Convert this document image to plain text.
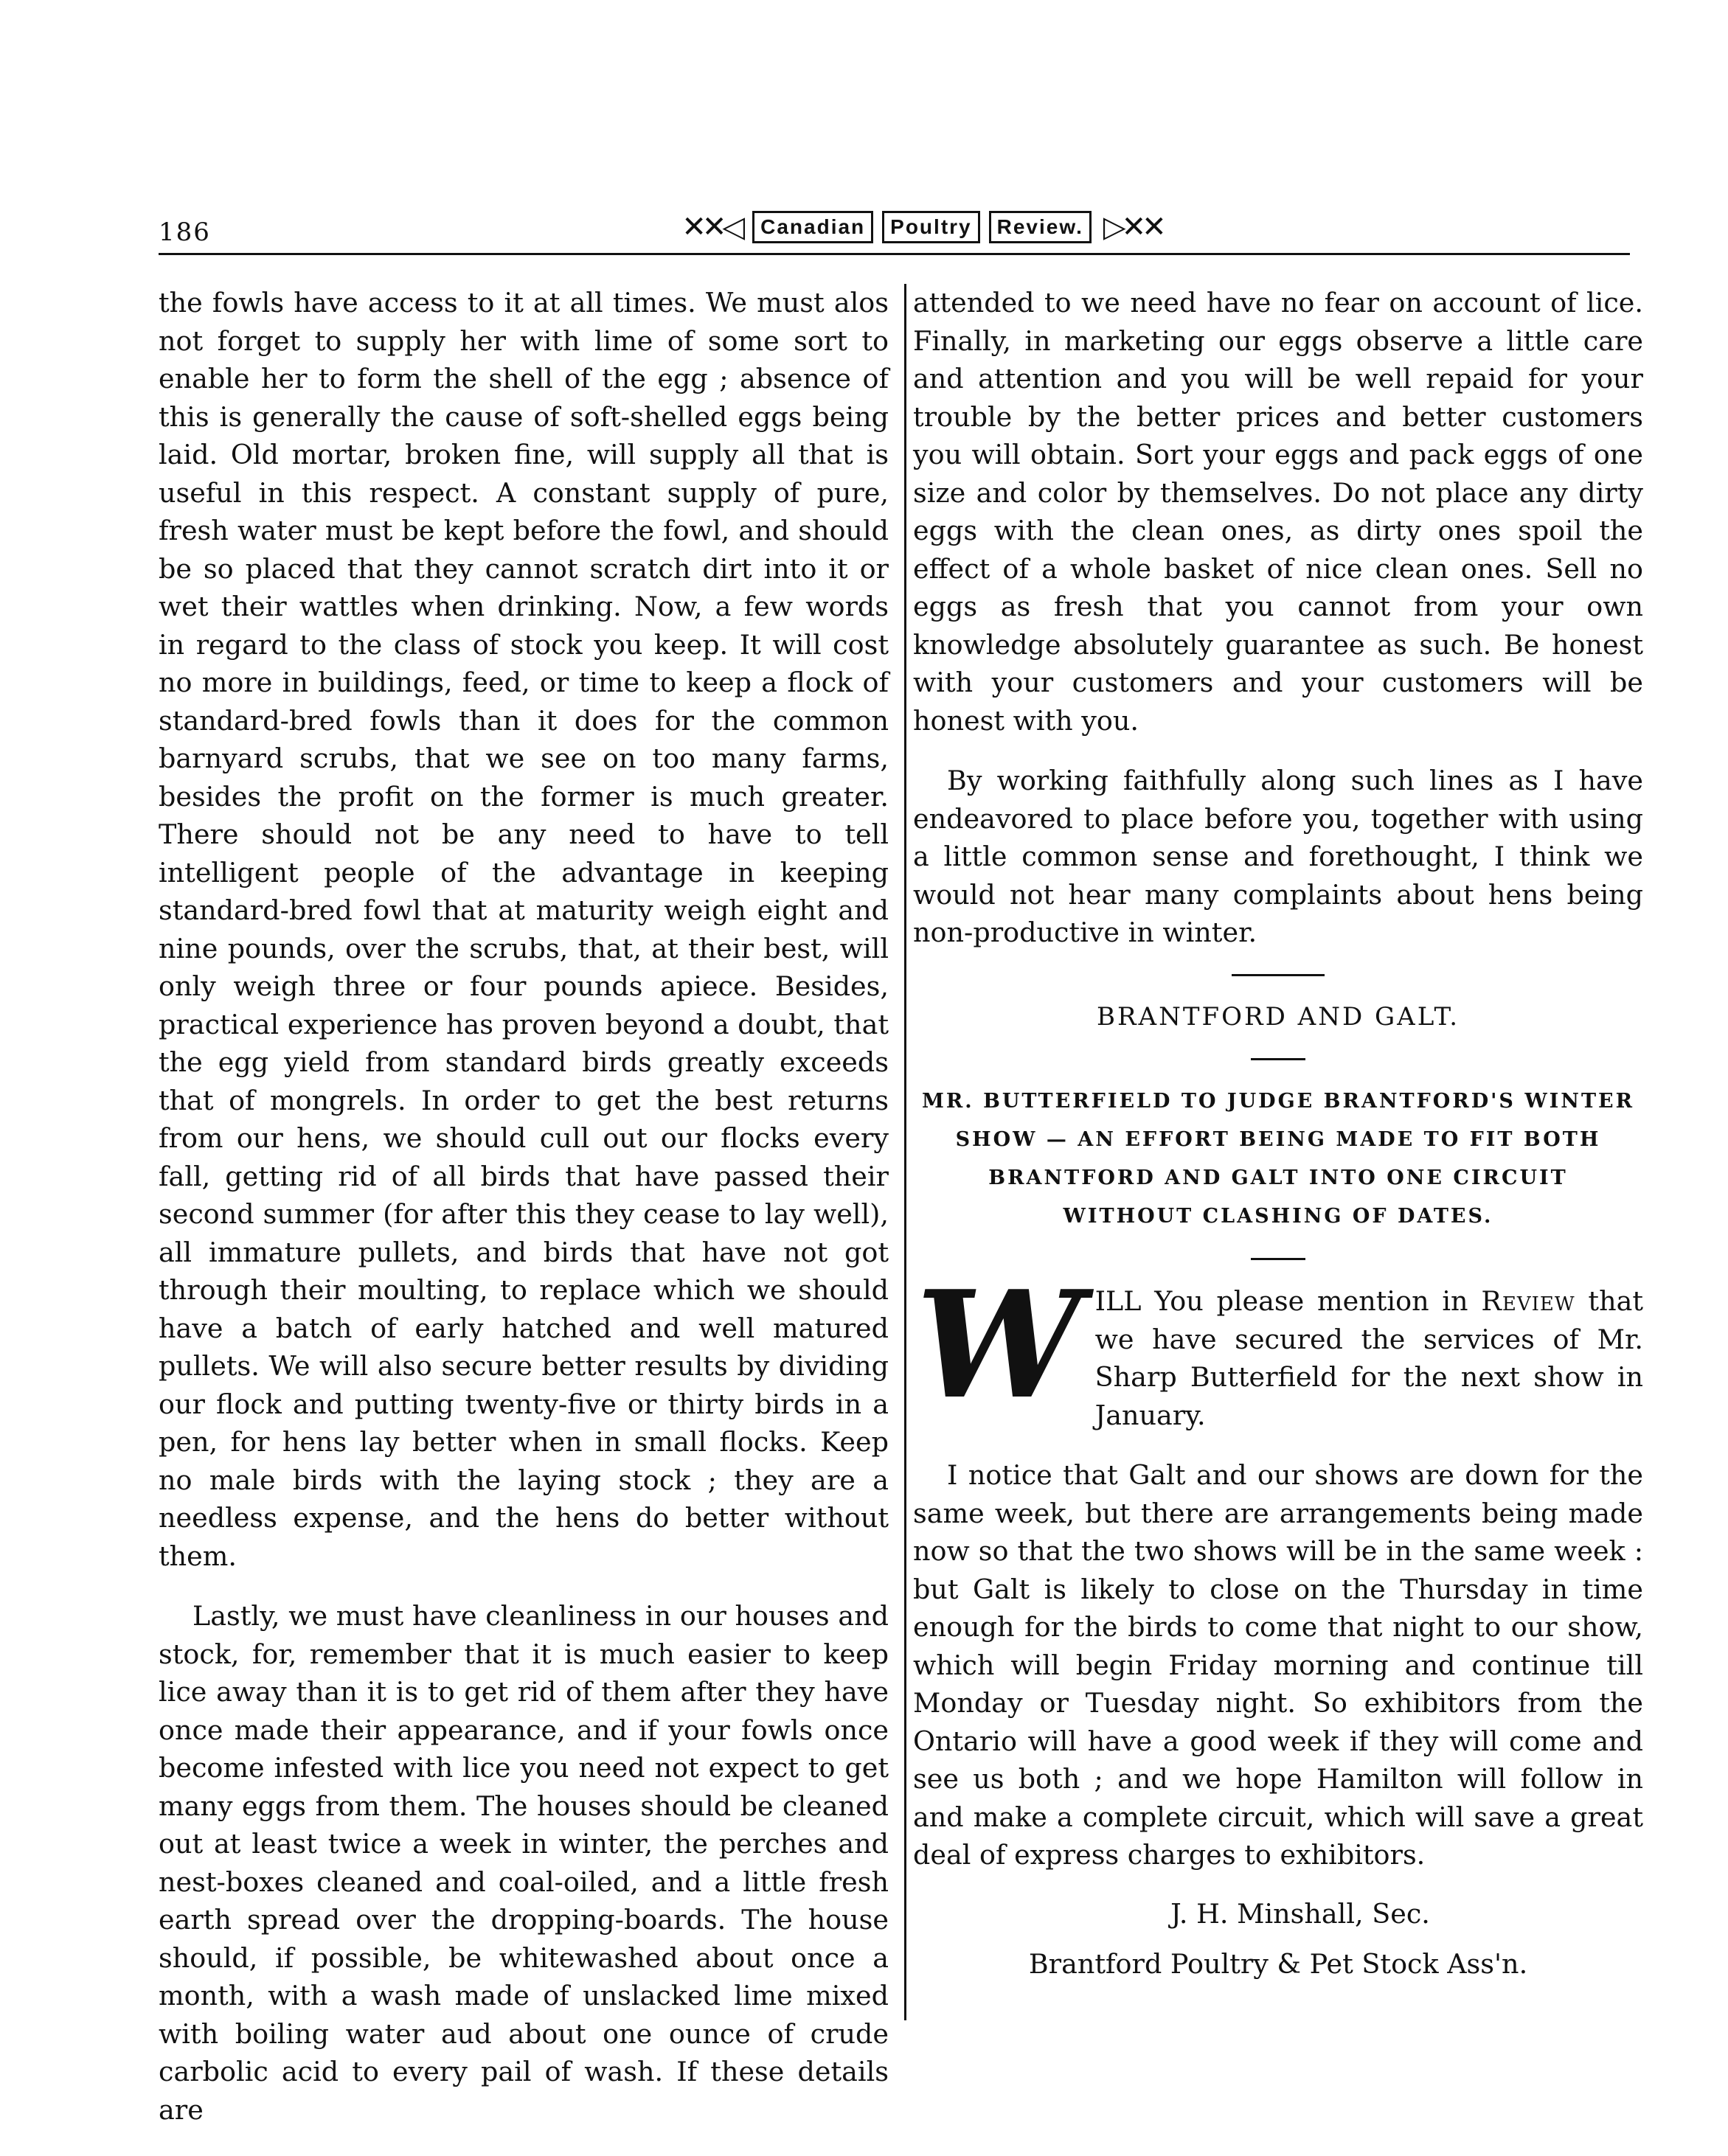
186	✕✕◁ Canadian	Poultry	Review. ▷✕✕

the fowls have access to it at all times. We must alos not forget to supply her with lime of some sort to enable her to form the shell of the egg ; absence of this is generally the cause of soft-shelled eggs being laid. Old mortar, broken fine, will supply all that is useful in this respect. A constant supply of pure, fresh water must be kept before the fowl, and should be so placed that they cannot scratch dirt into it or wet their wattles when drinking. Now, a few words in regard to the class of stock you keep. It will cost no more in buildings, feed, or time to keep a flock of standard-bred fowls than it does for the common barnyard scrubs, that we see on too many farms, besides the profit on the former is much greater. There should not be any need to have to tell intelligent people of the advantage in keeping standard-bred fowl that at maturity weigh eight and nine pounds, over the scrubs, that, at their best, will only weigh three or four pounds apiece. Besides, practical experience has proven beyond a doubt, that the egg yield from standard birds greatly exceeds that of mongrels. In order to get the best returns from our hens, we should cull out our flocks every fall, getting rid of all birds that have passed their second summer (for after this they cease to lay well), all immature pullets, and birds that have not got through their moulting, to replace which we should have a batch of early hatched and well matured pullets. We will also secure better results by dividing our flock and putting twenty-five or thirty birds in a pen, for hens lay better when in small flocks. Keep no male birds with the laying stock ; they are a needless expense, and the hens do better without them.

Lastly, we must have cleanliness in our houses and stock, for, remember that it is much easier to keep lice away than it is to get rid of them after they have once made their appearance, and if your fowls once become infested with lice you need not expect to get many eggs from them. The houses should be cleaned out at least twice a week in winter, the perches and nest-boxes cleaned and coal-oiled, and a little fresh earth spread over the dropping-boards. The house should, if possible, be whitewashed about once a month, with a wash made of unslacked lime mixed with boiling water aud about one ounce of crude carbolic acid to every pail of wash. If these details are

attended to we need have no fear on account of lice. Finally, in marketing our eggs observe a little care and attention and you will be well repaid for your trouble by the better prices and better customers you will obtain. Sort your eggs and pack eggs of one size and color by themselves. Do not place any dirty eggs with the clean ones, as dirty ones spoil the effect of a whole basket of nice clean ones. Sell no eggs as fresh that you cannot from your own knowledge absolutely guarantee as such. Be honest with your customers and your customers will be honest with you.

By working faithfully along such lines as I have endeavored to place before you, together with using a little common sense and forethought, I think we would not hear many complaints about hens being non-productive in winter.

BRANTFORD AND GALT.
MR. BUTTERFIELD TO JUDGE BRANTFORD'S WINTER SHOW — AN EFFORT BEING MADE TO FIT BOTH BRANTFORD AND GALT INTO ONE CIRCUIT WITHOUT CLASHING OF DATES.

W ILL You please mention in Review that we have secured the services of Mr. Sharp Butterfield for the next show in January.

I notice that Galt and our shows are down for the same week, but there are arrangements being made now so that the two shows will be in the same week : but Galt is likely to close on the Thursday in time enough for the birds to come that night to our show, which will begin Friday morning and continue till Monday or Tuesday night. So exhibitors from the Ontario will have a good week if they will come and see us both ; and we hope Hamilton will follow in and make a complete circuit, which will save a great deal of express charges to exhibitors.

J. H. Minshall, Sec.
Brantford Poultry & Pet Stock Ass'n.
